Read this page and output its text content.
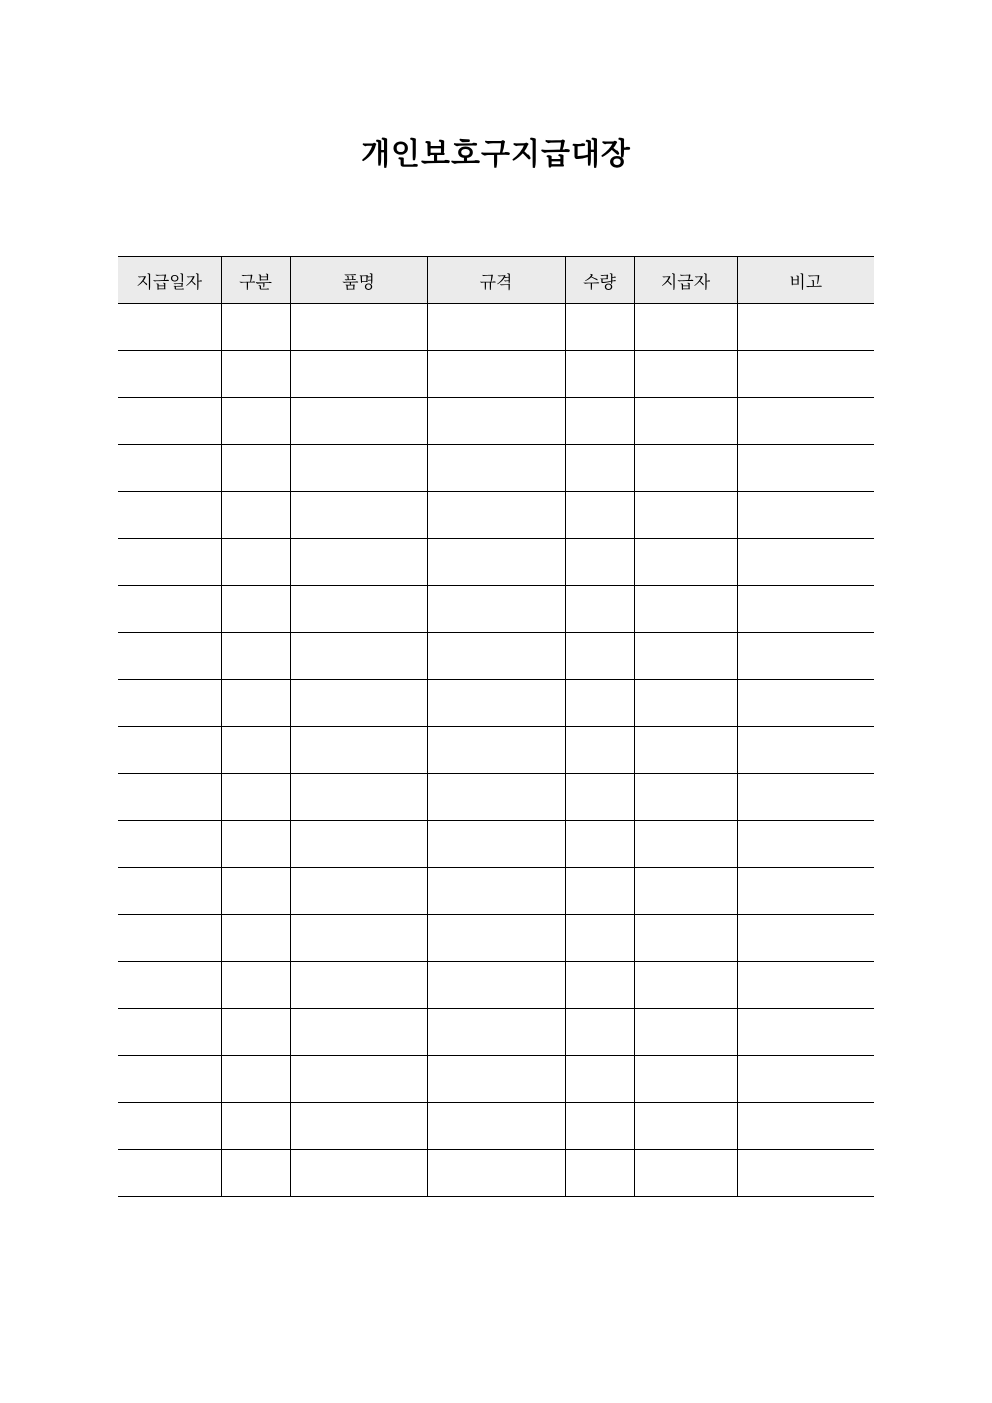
개인보호구지급대장
지급일자	구분	품명	규격	수량	지급자	비고
